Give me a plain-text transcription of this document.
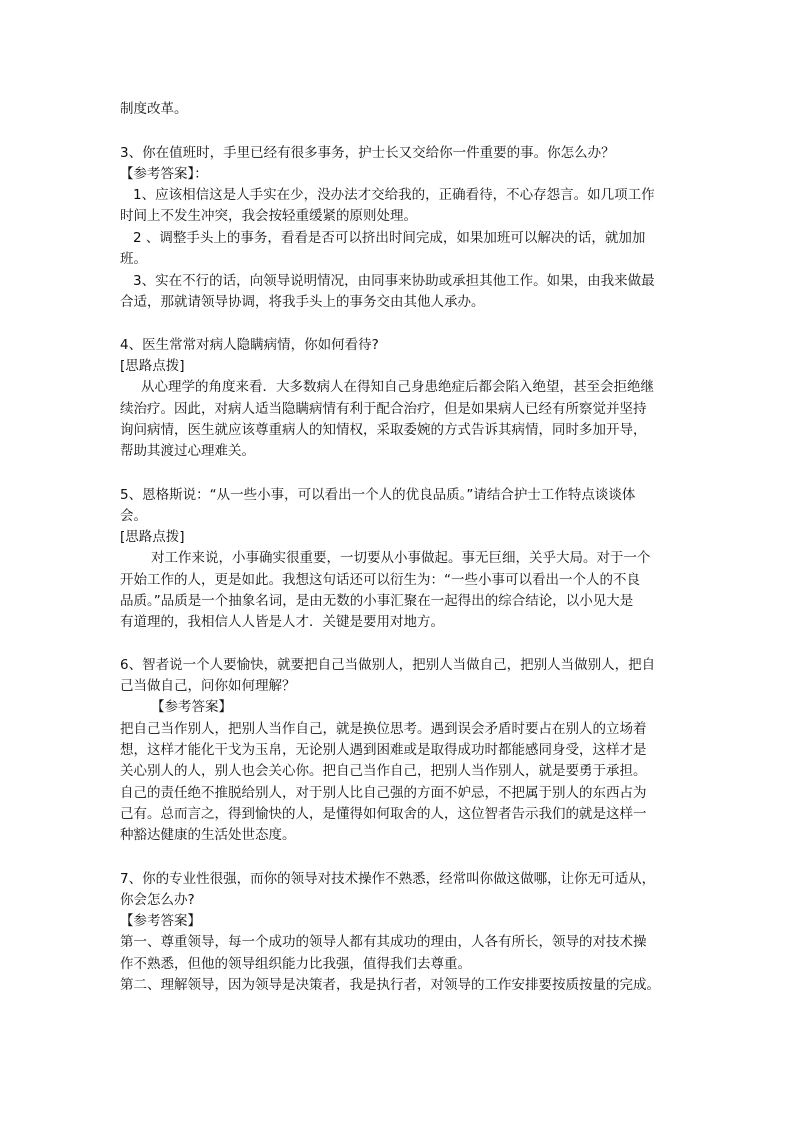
制度改革。
3、你在值班时，手里已经有很多事务，护士长又交给你一件重要的事。你怎么办？
【参考答案】：
1、应该相信这是人手实在少，没办法才交给我的，正确看待，不心存怨言。如几项工作
时间上不发生冲突，我会按轻重缓紧的原则处理。
2 、调整手头上的事务，看看是否可以挤出时间完成，如果加班可以解决的话，就加加
班。
3、实在不行的话，向领导说明情况，由同事来协助或承担其他工作。如果，由我来做最
合适，那就请领导协调，将我手头上的事务交由其他人承办。
4、医生常常对病人隐瞒病情，你如何看待?
[思路点拨]
从心理学的角度来看．大多数病人在得知自己身患绝症后都会陷入绝望，甚至会拒绝继
续治疗。因此，对病人适当隐瞒病情有利于配合治疗，但是如果病人已经有所察觉并坚持
询问病情，医生就应该尊重病人的知情权，采取委婉的方式告诉其病情，同时多加开导，
帮助其渡过心理难关。
5、恩格斯说：“从一些小事，可以看出一个人的优良品质。”请结合护士工作特点谈谈体
会。
[思路点拨]
对工作来说，小事确实很重要，一切要从小事做起。事无巨细，关乎大局。对于一个
开始工作的人，更是如此。我想这句话还可以衍生为：“一些小事可以看出一个人的不良
品质。”品质是一个抽象名词，是由无数的小事汇聚在一起得出的综合结论，以小见大是
有道理的，我相信人人皆是人才．关键是要用对地方。
6、智者说一个人要愉快，就要把自己当做别人，把别人当做自己，把别人当做别人，把自
己当做自己，问你如何理解？
【参考答案】
把自己当作别人，把别人当作自己，就是换位思考。遇到误会矛盾时要占在别人的立场着
想，这样才能化干戈为玉帛，无论别人遇到困难或是取得成功时都能感同身受，这样才是
关心别人的人，别人也会关心你。把自己当作自己，把别人当作别人，就是要勇于承担。
自己的责任绝不推脱给别人，对于别人比自己强的方面不妒忌，不把属于别人的东西占为
己有。总而言之，得到愉快的人，是懂得如何取舍的人，这位智者告示我们的就是这样一
种豁达健康的生活处世态度。
7、你的专业性很强，而你的领导对技术操作不熟悉，经常叫你做这做哪，让你无可适从，
你会怎么办?
【参考答案】
第一、尊重领导，每一个成功的领导人都有其成功的理由，人各有所长，领导的对技术操
作不熟悉，但他的领导组织能力比我强，值得我们去尊重。
第二、理解领导，因为领导是决策者，我是执行者，对领导的工作安排要按质按量的完成。
